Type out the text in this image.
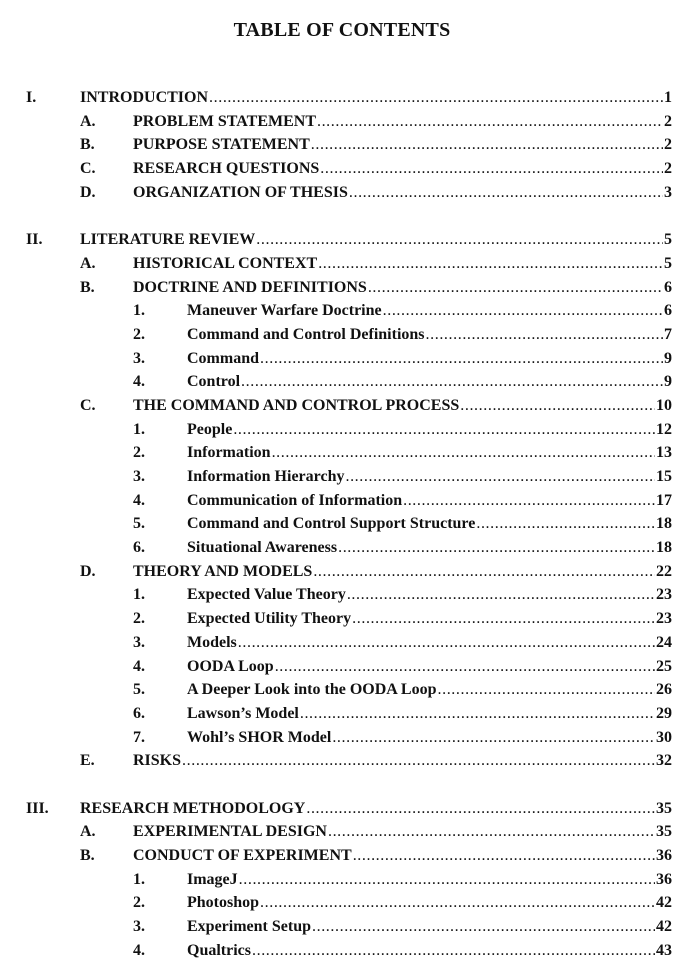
TABLE OF CONTENTS
I.	INTRODUCTION .....	1
A. PROBLEM STATEMENT .....	2
B. PURPOSE STATEMENT .....	2
C. RESEARCH QUESTIONS .....	2
D. ORGANIZATION OF THESIS .....	3
II. LITERATURE REVIEW .....	5
A. HISTORICAL CONTEXT .....	5
B. DOCTRINE AND DEFINITIONS .....	6
1.	Maneuver Warfare Doctrine .....	6
2.	Command and Control Definitions .....	7
3.	Command .....	9
4.	Control .....	9
C. THE COMMAND AND CONTROL PROCESS .....	10
1.	People .....	12
2.	Information .....	13
3.	Information Hierarchy .....	15
4.	Communication of Information .....	17
5.	Command and Control Support Structure .....	18
6.	Situational Awareness .....	18
D. THEORY AND MODELS .....	22
1.	Expected Value Theory .....	23
2.	Expected Utility Theory .....	23
3.	Models .....	24
4.	OODA Loop .....	25
5.	A Deeper Look into the OODA Loop .....	26
6.	Lawson’s Model .....	29
7.	Wohl’s SHOR Model .....	30
E. RISKS .....	32
III. RESEARCH METHODOLOGY .....	35
A. EXPERIMENTAL DESIGN .....	35
B. CONDUCT OF EXPERIMENT .....	36
1.	ImageJ .....	36
2.	Photoshop .....	42
3.	Experiment Setup .....	42
4.	Qualtrics .....	43
